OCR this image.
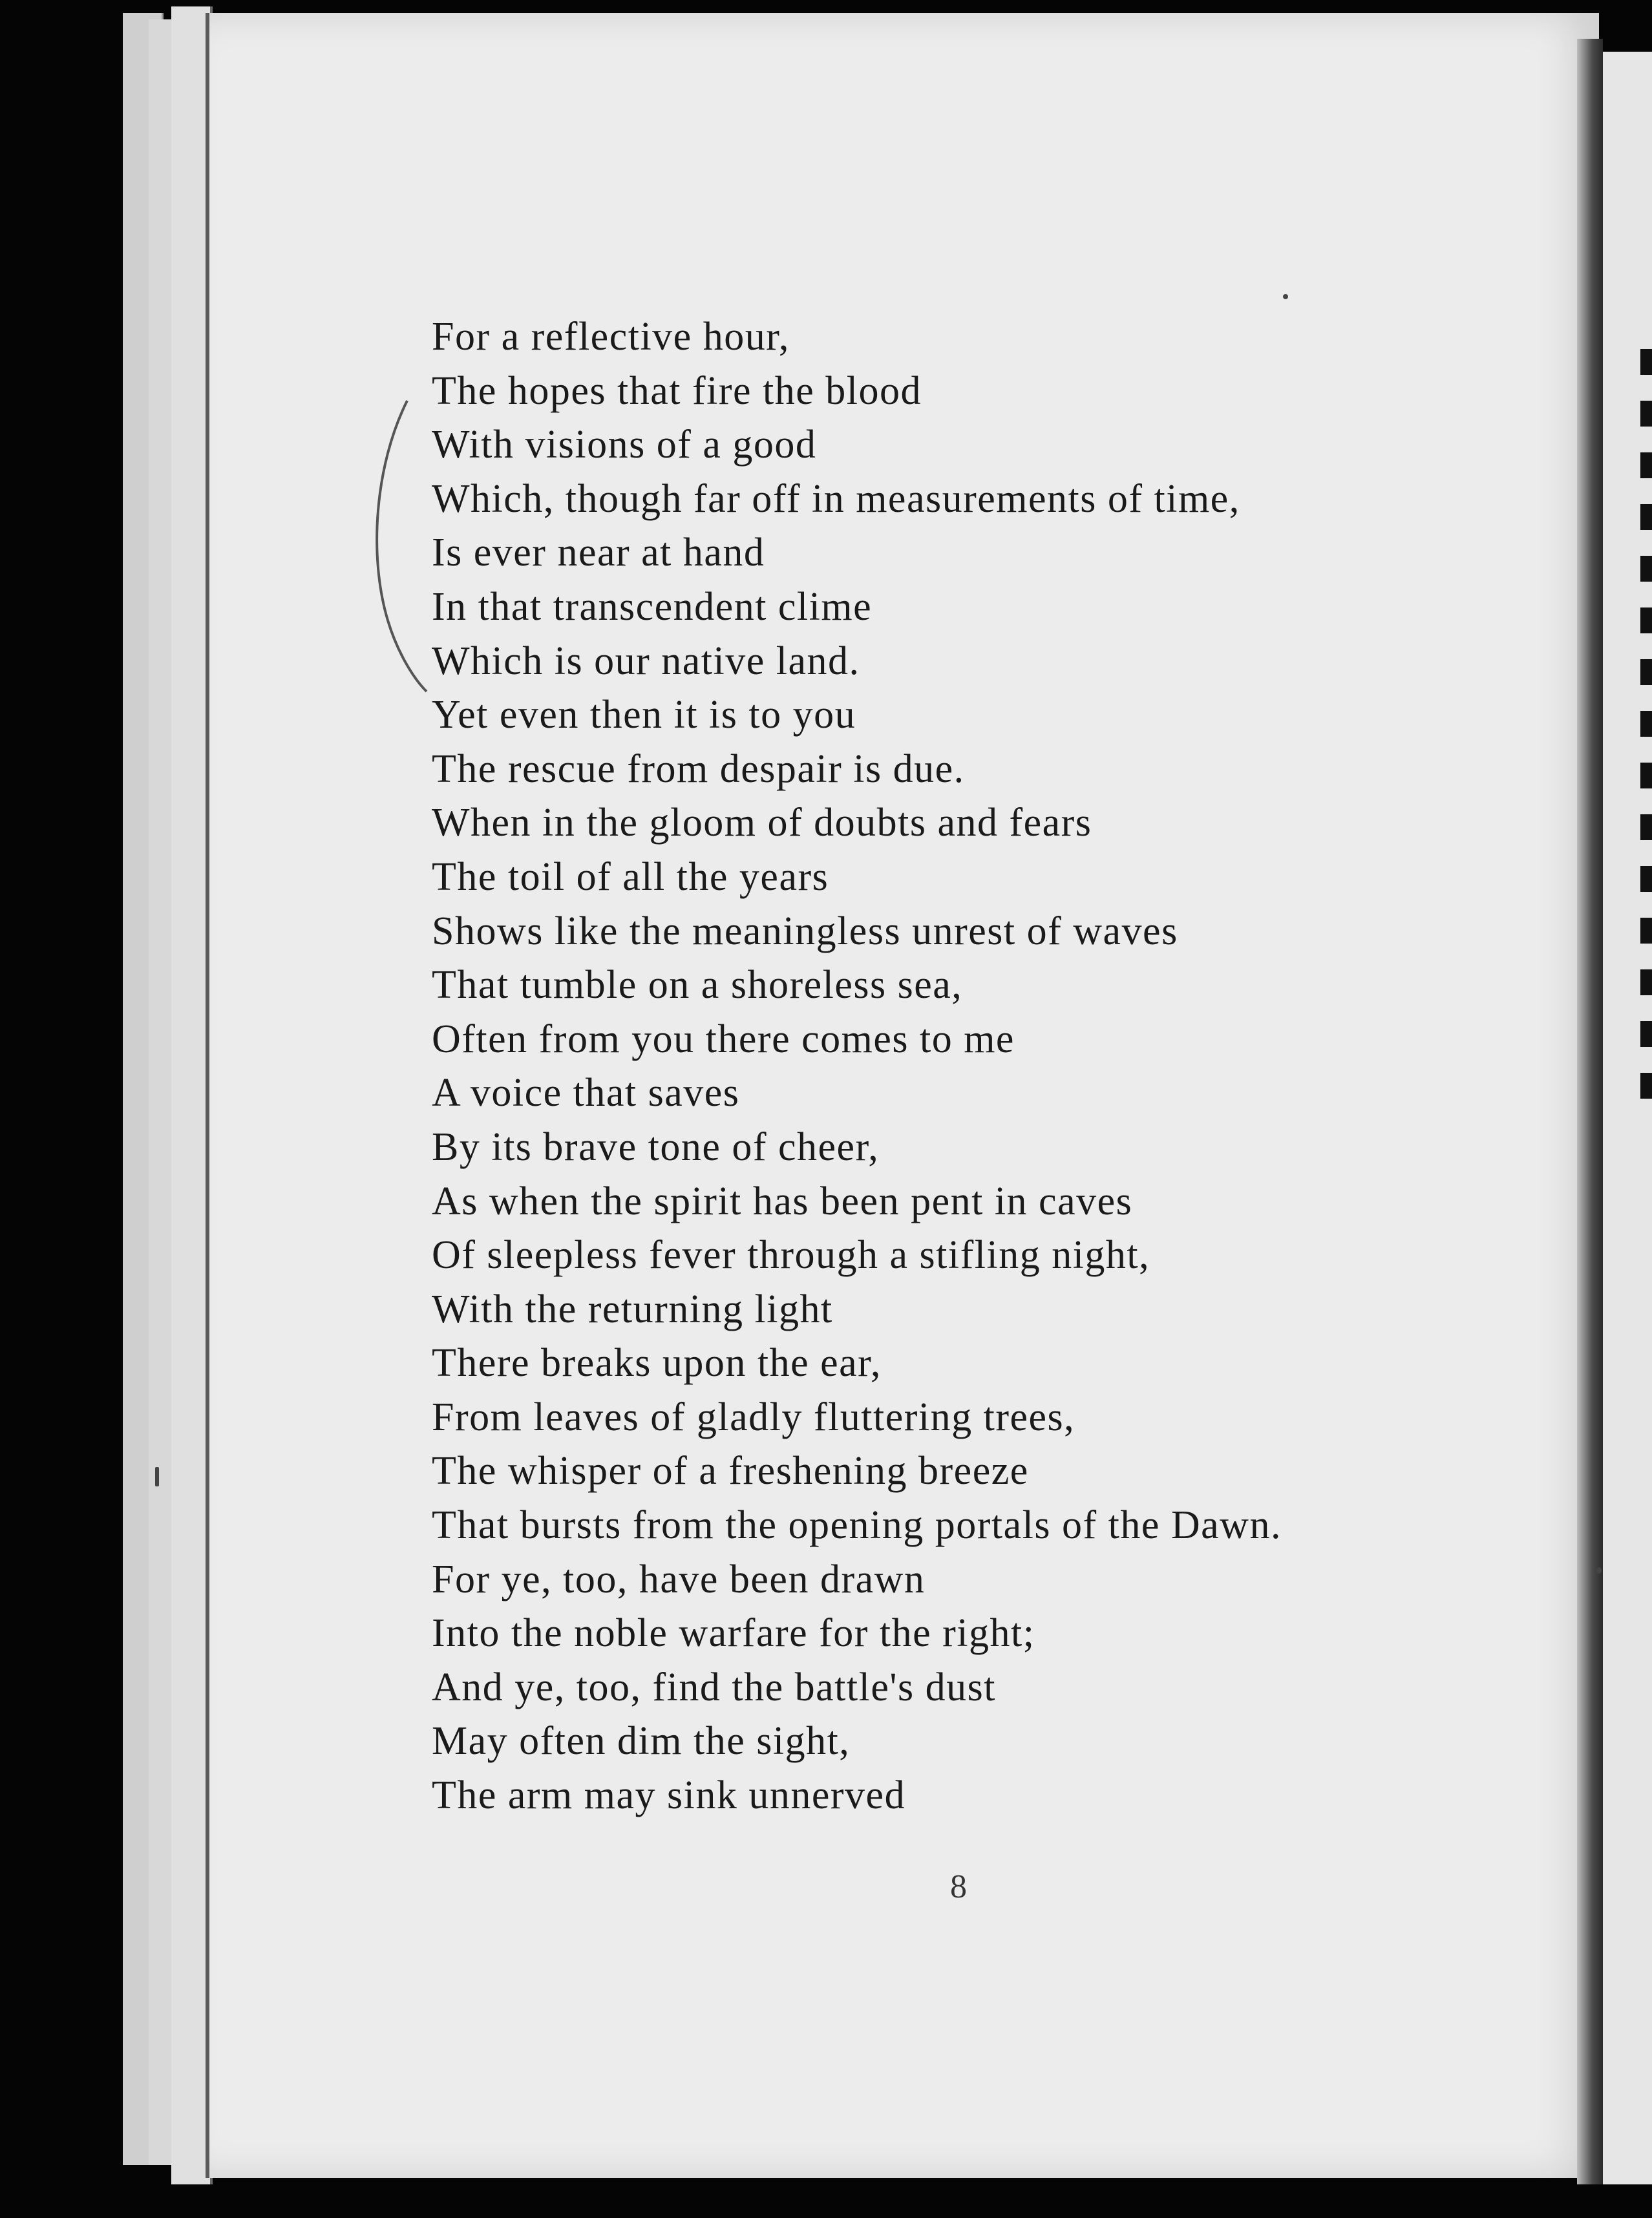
For a reflective hour,
The hopes that fire the blood
With visions of a good
Which, though far off in measurements of time,
Is ever near at hand
In that transcendent clime
Which is our native land.
Yet even then it is to you
The rescue from despair is due.
When in the gloom of doubts and fears
The toil of all the years
Shows like the meaningless unrest of waves
That tumble on a shoreless sea,
Often from you there comes to me
A voice that saves
By its brave tone of cheer,
As when the spirit has been pent in caves
Of sleepless fever through a stifling night,
With the returning light
There breaks upon the ear,
From leaves of gladly fluttering trees,
The whisper of a freshening breeze
That bursts from the opening portals of the Dawn.
For ye, too, have been drawn
Into the noble warfare for the right;
And ye, too, find the battle's dust
May often dim the sight,
The arm may sink unnerved
8
